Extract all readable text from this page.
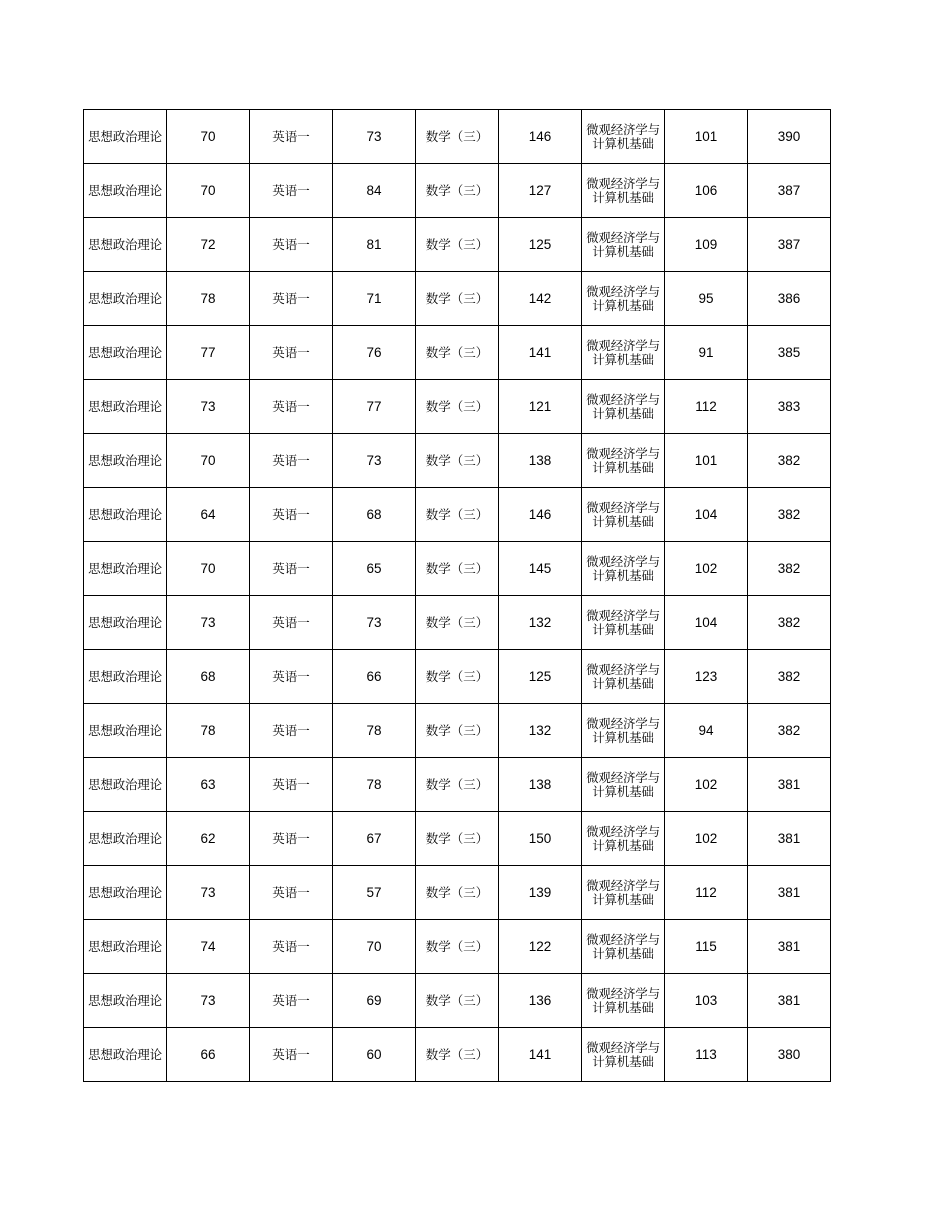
思想政治理论	70	英语一	73	数学（三）	146	微观经济学与计算机基础	101	390
思想政治理论	70	英语一	84	数学（三）	127	微观经济学与计算机基础	106	387
思想政治理论	72	英语一	81	数学（三）	125	微观经济学与计算机基础	109	387
思想政治理论	78	英语一	71	数学（三）	142	微观经济学与计算机基础	95	386
思想政治理论	77	英语一	76	数学（三）	141	微观经济学与计算机基础	91	385
思想政治理论	73	英语一	77	数学（三）	121	微观经济学与计算机基础	112	383
思想政治理论	70	英语一	73	数学（三）	138	微观经济学与计算机基础	101	382
思想政治理论	64	英语一	68	数学（三）	146	微观经济学与计算机基础	104	382
思想政治理论	70	英语一	65	数学（三）	145	微观经济学与计算机基础	102	382
思想政治理论	73	英语一	73	数学（三）	132	微观经济学与计算机基础	104	382
思想政治理论	68	英语一	66	数学（三）	125	微观经济学与计算机基础	123	382
思想政治理论	78	英语一	78	数学（三）	132	微观经济学与计算机基础	94	382
思想政治理论	63	英语一	78	数学（三）	138	微观经济学与计算机基础	102	381
思想政治理论	62	英语一	67	数学（三）	150	微观经济学与计算机基础	102	381
思想政治理论	73	英语一	57	数学（三）	139	微观经济学与计算机基础	112	381
思想政治理论	74	英语一	70	数学（三）	122	微观经济学与计算机基础	115	381
思想政治理论	73	英语一	69	数学（三）	136	微观经济学与计算机基础	103	381
思想政治理论	66	英语一	60	数学（三）	141	微观经济学与计算机基础	113	380
